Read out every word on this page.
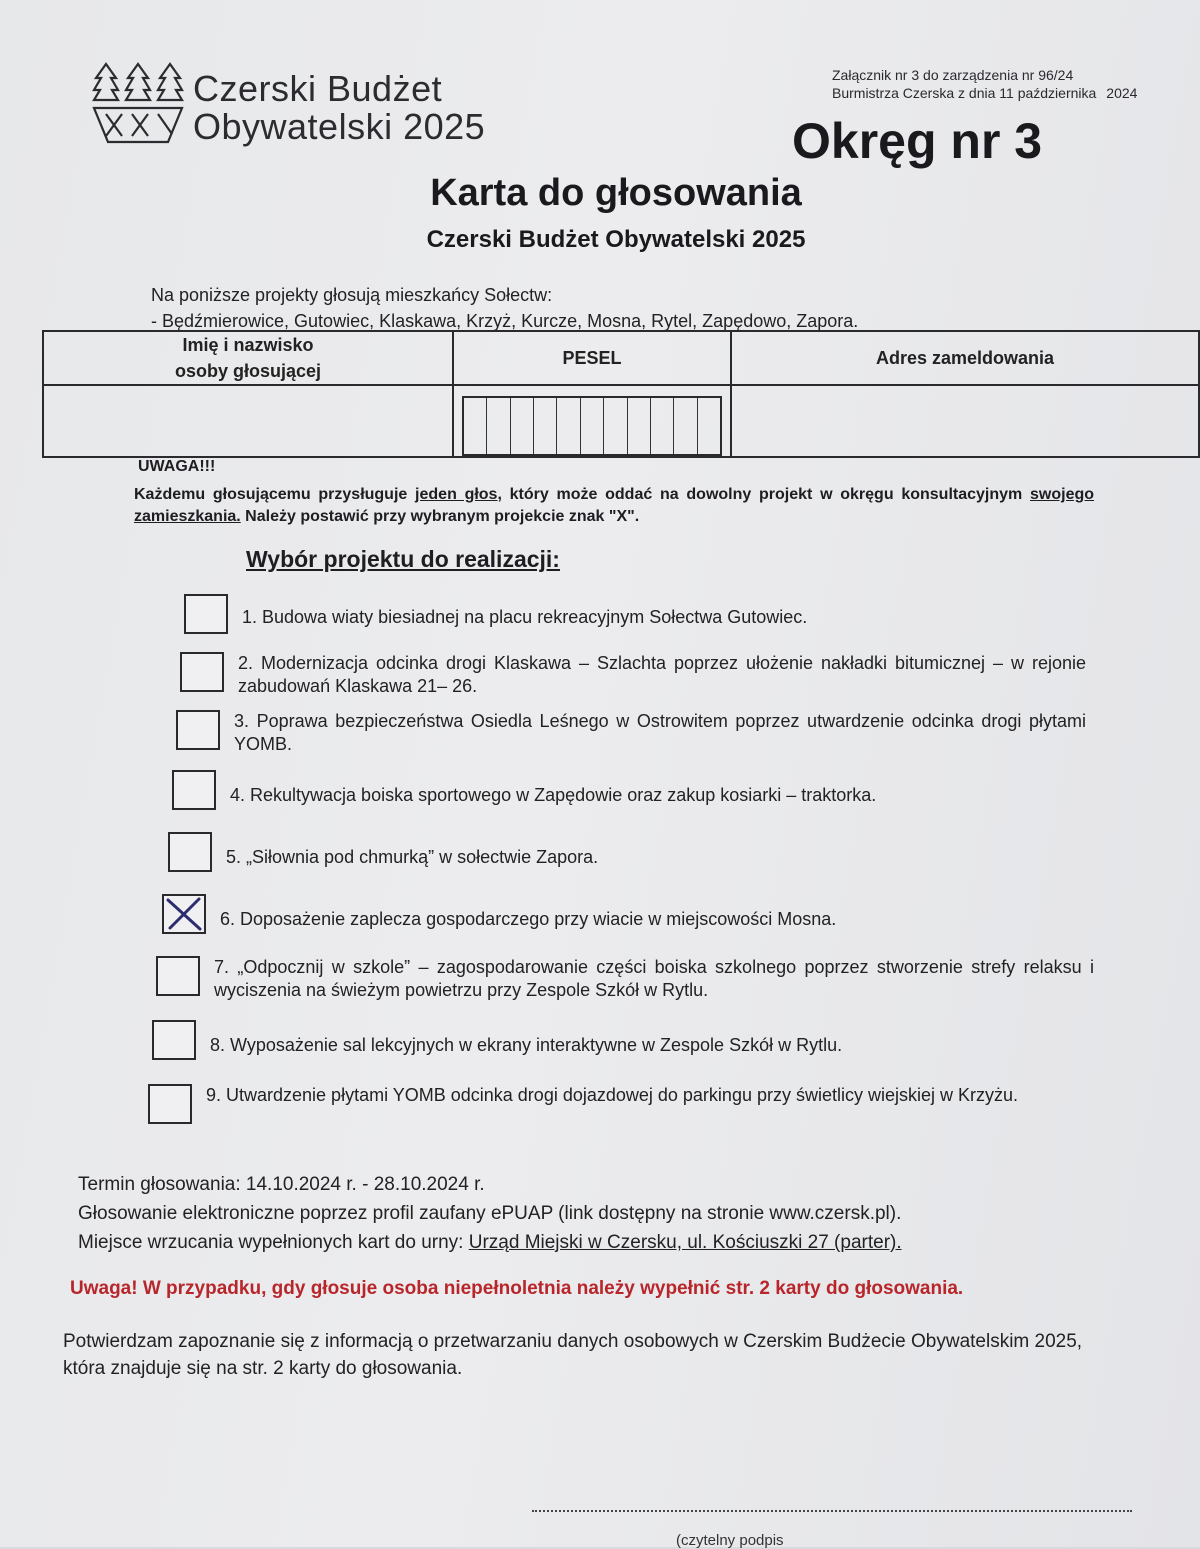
Czerski Budżet
Obywatelski 2025
Załącznik nr 3 do zarządzenia nr 96/24
Burmistrza Czerska z dnia 11 października 2024
Okręg nr 3
Karta do głosowania
Czerski Budżet Obywatelski 2025
Na poniższe projekty głosują mieszkańcy Sołectw:
- Będźmierowice, Gutowiec, Klaskawa, Krzyż, Kurcze, Mosna, Rytel, Zapędowo, Zapora.
Imię i nazwisko
osoby głosującej	PESEL	Adres zameldowania

UWAGA!!!
Każdemu głosującemu przysługuje jeden głos, który może oddać na dowolny projekt w okręgu konsultacyjnym swojego zamieszkania. Należy postawić przy wybranym projekcie znak "X".
Wybór projektu do realizacji:
1. Budowa wiaty biesiadnej na placu rekreacyjnym Sołectwa Gutowiec.
2. Modernizacja odcinka drogi Klaskawa – Szlachta poprzez ułożenie nakładki bitumicznej – w rejonie zabudowań Klaskawa 21– 26.
3. Poprawa bezpieczeństwa Osiedla Leśnego w Ostrowitem poprzez utwardzenie odcinka drogi płytami YOMB.
4. Rekultywacja boiska sportowego w Zapędowie oraz zakup kosiarki – traktorka.
5. „Siłownia pod chmurką” w sołectwie Zapora.
6. Doposażenie zaplecza gospodarczego przy wiacie w miejscowości Mosna.
7. „Odpocznij w szkole” – zagospodarowanie części boiska szkolnego poprzez stworzenie strefy relaksu i wyciszenia na świeżym powietrzu przy Zespole Szkół w Rytlu.
8. Wyposażenie sal lekcyjnych w ekrany interaktywne w Zespole Szkół w Rytlu.
9. Utwardzenie płytami YOMB odcinka drogi dojazdowej do parkingu przy świetlicy wiejskiej w Krzyżu.
Termin głosowania: 14.10.2024 r. - 28.10.2024 r.
Głosowanie elektroniczne poprzez profil zaufany ePUAP (link dostępny na stronie www.czersk.pl).
Miejsce wrzucania wypełnionych kart do urny: Urząd Miejski w Czersku, ul. Kościuszki 27 (parter).
Uwaga! W przypadku, gdy głosuje osoba niepełnoletnia należy wypełnić str. 2 karty do głosowania.
Potwierdzam zapoznanie się z informacją o przetwarzaniu danych osobowych w Czerskim Budżecie Obywatelskim 2025, która znajduje się na str. 2 karty do głosowania.
(czytelny podpis
